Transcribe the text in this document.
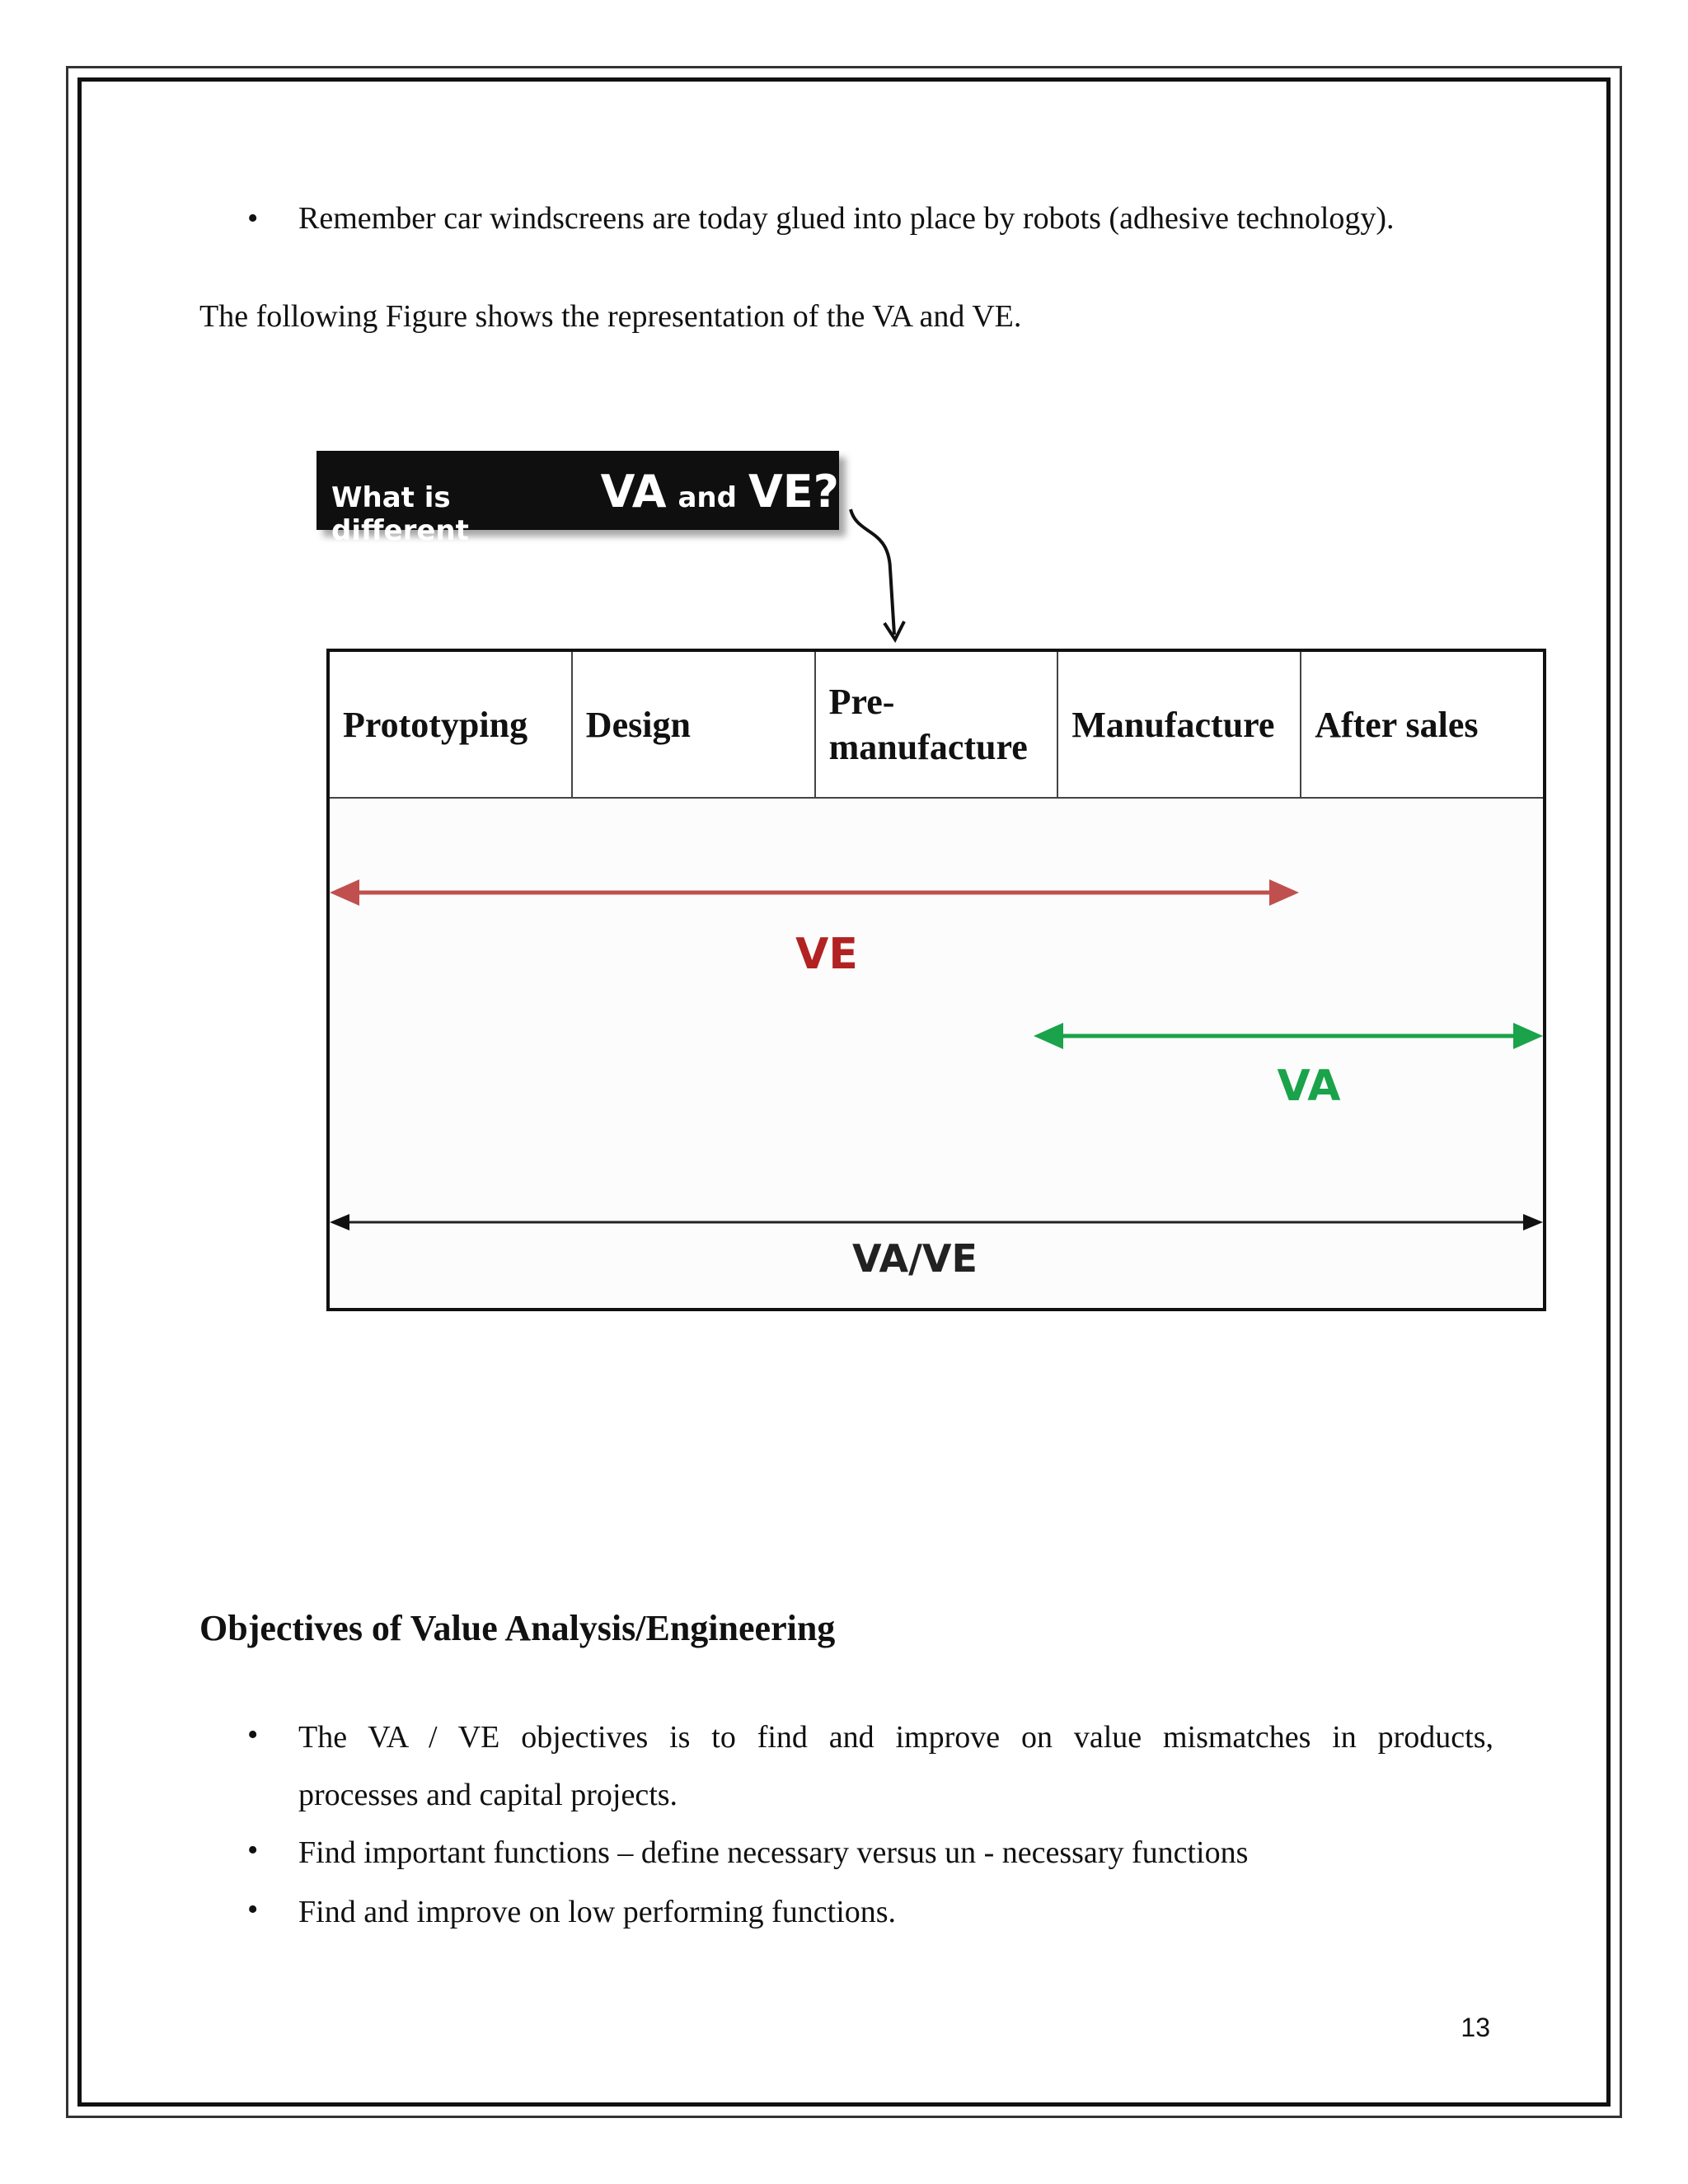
• Remember car windscreens are today glued into place by robots (adhesive technology).
The following Figure shows the representation of the VA and VE.
What is different
VA and VE?
Prototyping Design
Pre-
manufacture
Manufacture After sales
VE
VA
VA/VE
Objectives of Value Analysis/Engineering
• The VA / VE objectives is to find and improve on value mismatches in products,
processes and capital projects.
• Find important functions – define necessary versus un - necessary functions
• Find and improve on low performing functions.
13
